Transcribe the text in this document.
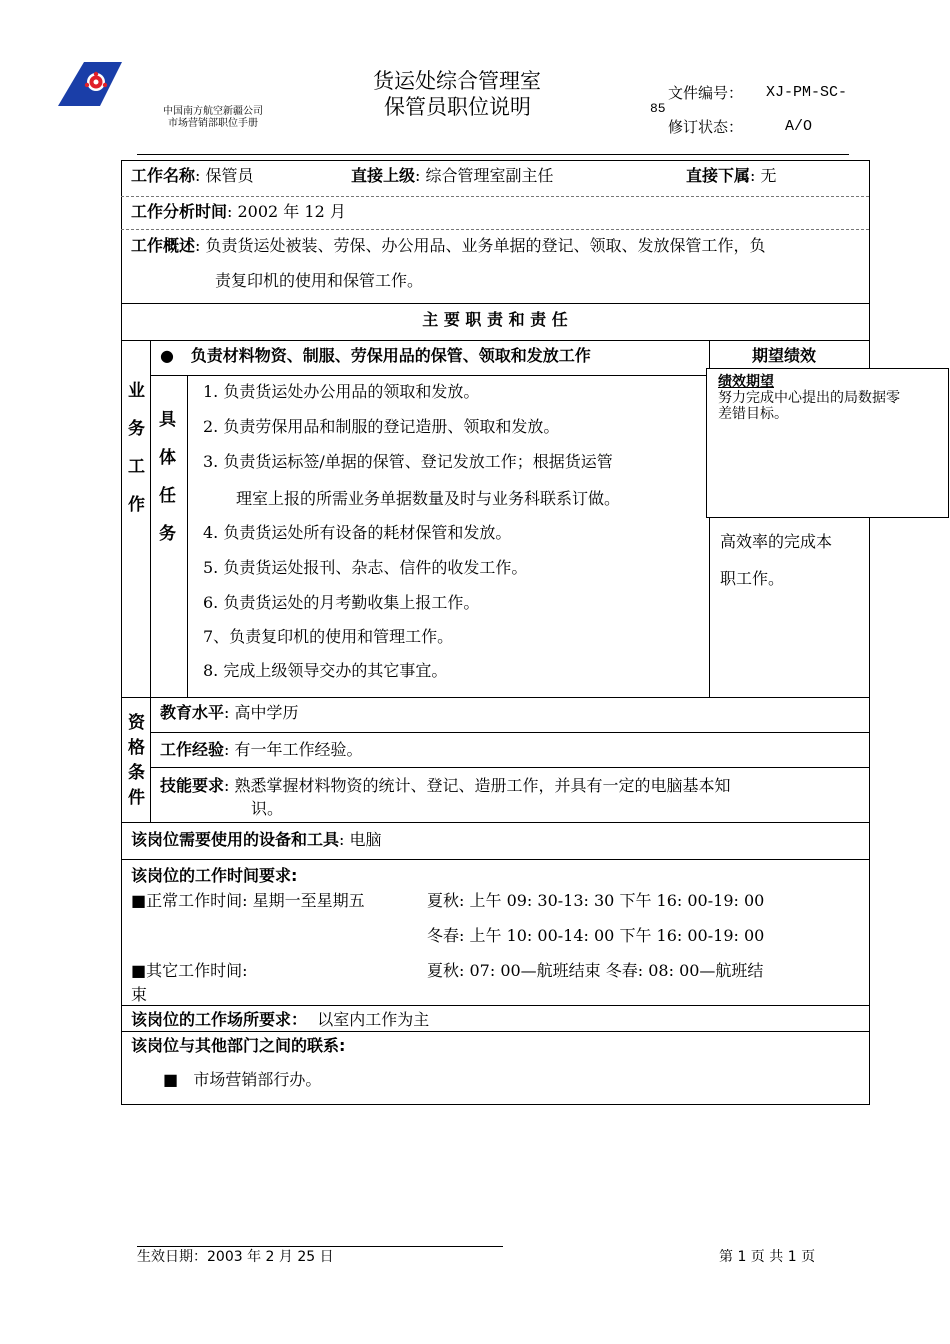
中国南方航空新疆公司
市场营销部职位手册
货运处综合管理室
保管员职位说明
文件编号： XJ-PM-SC-
85
修订状态：	A/O
工作名称: 保管员	直接上级: 综合管理室副主任	直接下属: 无
工作分析时间: 2002 年 12 月
工作概述: 负责货运处被装、劳保、办公用品、业务单据的登记、领取、发放保管工作，负
责复印机的使用和保管工作。
主 要 职 责 和 责 任
业
务
工
作
具
体
任
务
● 负责材料物资、制服、劳保用品的保管、领取和发放工作	期望绩效
1. 负责货运处办公用品的领取和发放。
2. 负责劳保用品和制服的登记造册、领取和发放。
3. 负责货运标签/单据的保管、登记发放工作；根据货运管
理室上报的所需业务单据数量及时与业务科联系订做。
4. 负责货运处所有设备的耗材保管和发放。
5. 负责货运处报刊、杂志、信件的收发工作。
6. 负责货运处的月考勤收集上报工作。
7、负责复印机的使用和管理工作。
8. 完成上级领导交办的其它事宜。
高效率的完成本
职工作。
绩效期望
努力完成中心提出的局数据零
差错目标。
资
格
条
件
教育水平: 高中学历
工作经验: 有一年工作经验。
技能要求: 熟悉掌握材料物资的统计、登记、造册工作，并具有一定的电脑基本知
识。
该岗位需要使用的设备和工具: 电脑
该岗位的工作时间要求:
■正常工作时间: 星期一至星期五	夏秋: 上午 09: 30-13: 30 下午 16: 00-19: 00
冬春: 上午 10: 00-14: 00 下午 16: 00-19: 00
■其它工作时间:	夏秋: 07: 00—航班结束 冬春: 08: 00—航班结
束
该岗位的工作场所要求： 以室内工作为主
该岗位与其他部门之间的联系:
■ 市场营销部行办。
生效日期：2003 年 2 月 25 日	第 1 页 共 1 页
